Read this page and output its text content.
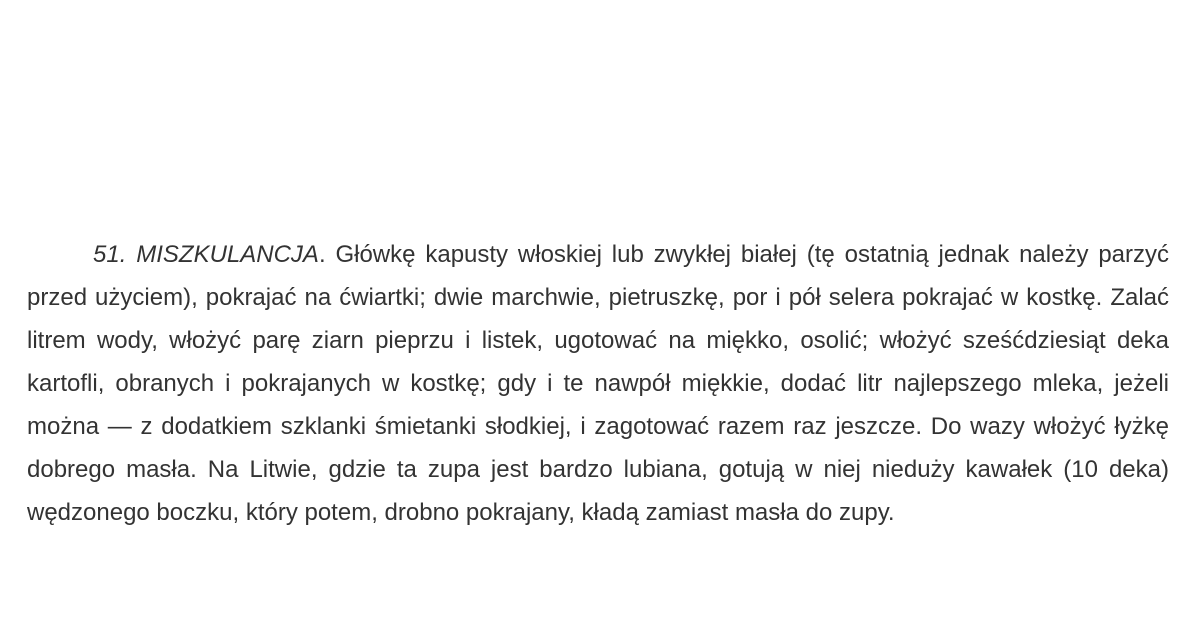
51. MISZKULANCJA. Główkę kapusty włoskiej lub zwykłej białej (tę ostatnią jednak należy parzyć przed użyciem), pokrajać na ćwiartki; dwie marchwie, pietruszkę, por i pół selera pokrajać w kostkę. Zalać litrem wody, włożyć parę ziarn pieprzu i listek, ugotować na miękko, osolić; włożyć sześćdziesiąt deka kartofli, obranych i pokrajanych w kostkę; gdy i te nawpół miękkie, dodać litr najlepszego mleka, jeżeli można — z dodatkiem szklanki śmietanki słodkiej, i zagotować razem raz jeszcze. Do wazy włożyć łyżkę dobrego masła. Na Litwie, gdzie ta zupa jest bardzo lubiana, gotują w niej nieduży kawałek (10 deka) wędzonego boczku, który potem, drobno pokrajany, kładą zamiast masła do zupy.
